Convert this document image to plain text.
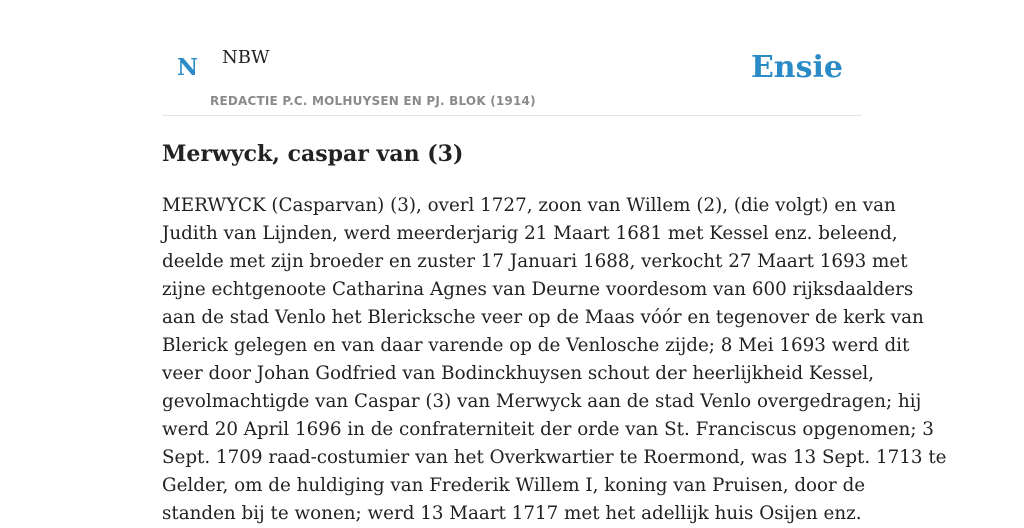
N NBW
REDACTIE P.C. MOLHUYSEN EN PJ. BLOK (1914)
Ensie
Merwyck, caspar van (3)
MERWYCK (Casparvan) (3), overl 1727, zoon van Willem (2), (die volgt) en van
Judith van Lijnden, werd meerderjarig 21 Maart 1681 met Kessel enz. beleend,
deelde met zijn broeder en zuster 17 Januari 1688, verkocht 27 Maart 1693 met
zijne echtgenoote Catharina Agnes van Deurne voordesom van 600 rijksdaalders
aan de stad Venlo het Blericksche veer op de Maas vóór en tegenover de kerk van
Blerick gelegen en van daar varende op de Venlosche zijde; 8 Mei 1693 werd dit
veer door Johan Godfried van Bodinckhuysen schout der heerlijkheid Kessel,
gevolmachtigde van Caspar (3) van Merwyck aan de stad Venlo overgedragen; hij
werd 20 April 1696 in de confraterniteit der orde van St. Franciscus opgenomen; 3
Sept. 1709 raad-costumier van het Overkwartier te Roermond, was 13 Sept. 1713 te
Gelder, om de huldiging van Frederik Willem I, koning van Pruisen, door de
standen bij te wonen; werd 13 Maart 1717 met het adellijk huis Osijen enz.
